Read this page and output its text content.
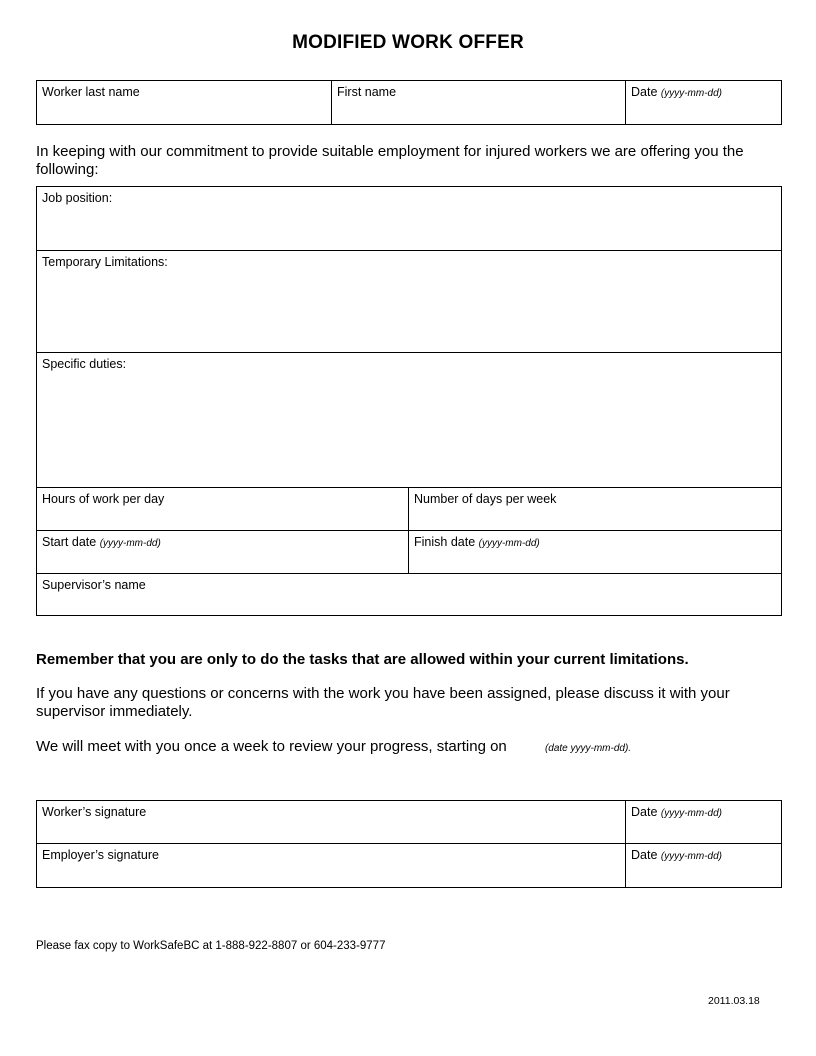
MODIFIED WORK OFFER
Worker last name	First name	Date (yyyy-mm-dd)
In keeping with our commitment to provide suitable employment for injured workers we are offering you the following:
Job position:	
Temporary Limitations:	
Specific duties:	
Hours of work per day	Number of days per week
Start date (yyyy-mm-dd)	Finish date (yyyy-mm-dd)
Supervisor’s name	
Remember that you are only to do the tasks that are allowed within your current limitations.
If you have any questions or concerns with the work you have been assigned, please discuss it with your supervisor immediately.
We will meet with you once a week to review your progress, starting on	(date yyyy-mm-dd).
Worker’s signature	Date (yyyy-mm-dd)
Employer’s signature	Date (yyyy-mm-dd)
Please fax copy to WorkSafeBC at 1-888-922-8807 or 604-233-9777
2011.03.18
